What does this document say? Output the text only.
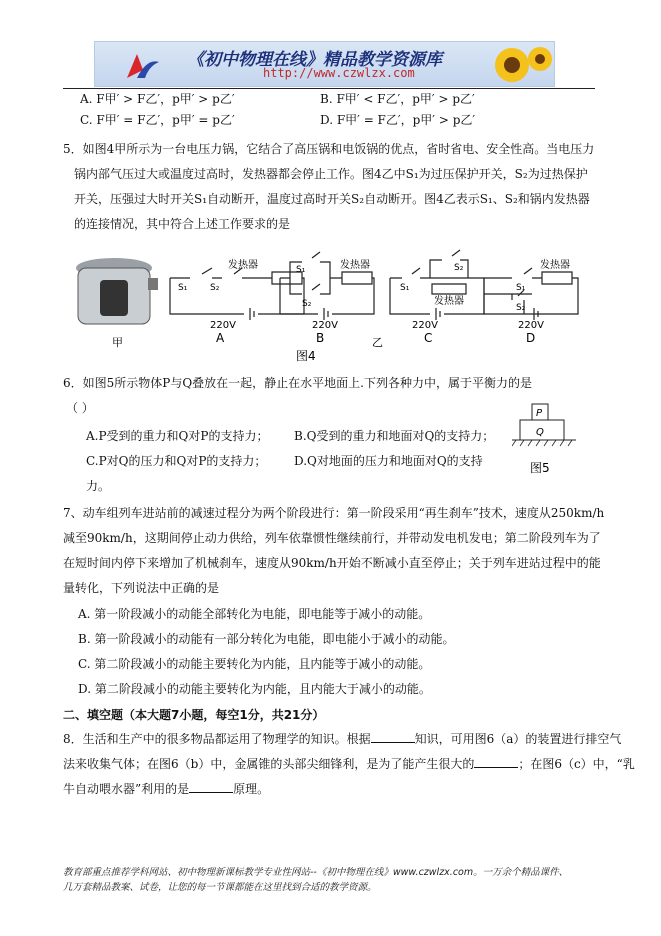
《初中物理在线》精品教学资源库
http://www.czwlzx.com
A. F甲′ > F乙′，p甲′ > p乙′	B. F甲′ < F乙′，p甲′ > p乙′
C. F甲′ = F乙′，p甲′ = p乙′	D. F甲′ = F乙′，p甲′ > p乙′
5．如图4甲所示为一台电压力锅，它结合了高压锅和电饭锅的优点，省时省电、安全性高。当电压力
锅内部气压过大或温度过高时，发热器都会停止工作。图4乙中S₁为过压保护开关，S₂为过热保护
开关，压强过大时开关S₁自动断开，温度过高时开关S₂自动断开。图4乙表示S₁、S₂和锅内发热器
的连接情况，其中符合上述工作要求的是
甲
S₁	S₂
发热器
220V
A
S₁
S₂
发热器
220V
B
S₁
S₂
发热器
220V
C
S₁
S₂
发热器
220V
D
图4
乙
6．如图5所示物体P与Q叠放在一起，静止在水平地面上.下列各种力中，属于平衡力的是
（ ）
A.P受到的重力和Q对P的支持力； B.Q受到的重力和地面对Q的支持力；
C.P对Q的压力和Q对P的支持力； D.Q对地面的压力和地面对Q的支持
力。
P
Q
图5
7、动车组列车进站前的减速过程分为两个阶段进行：第一阶段采用“再生刹车”技术，速度从250km/h
减至90km/h，这期间停止动力供给，列车依靠惯性继续前行，并带动发电机发电；第二阶段列车为了
在短时间内停下来增加了机械刹车，速度从90km/h开始不断减小直至停止；关于列车进站过程中的能
量转化，下列说法中正确的是
A. 第一阶段减小的动能全部转化为电能，即电能等于减小的动能。
B. 第一阶段减小的动能有一部分转化为电能，即电能小于减小的动能。
C. 第二阶段减小的动能主要转化为内能，且内能等于减小的动能。
D. 第二阶段减小的动能主要转化为内能，且内能大于减小的动能。
二、填空题（本大题7小题，每空1分，共21分）
8．生活和生产中的很多物品都运用了物理学的知识。根据	知识，可用图6（a）的装置进行排空气
法来收集气体；在图6（b）中，金属锥的头部尖细锋利，是为了能产生很大的	；在图6（c）中，“乳
牛自动喂水器”利用的是	原理。
教育部重点推荐学科网站、初中物理新课标教学专业性网站--《初中物理在线》www.czwlzx.com。一万余个精品课件、
几万套精品教案、试卷，让您的每一节课都能在这里找到合适的教学资源。
